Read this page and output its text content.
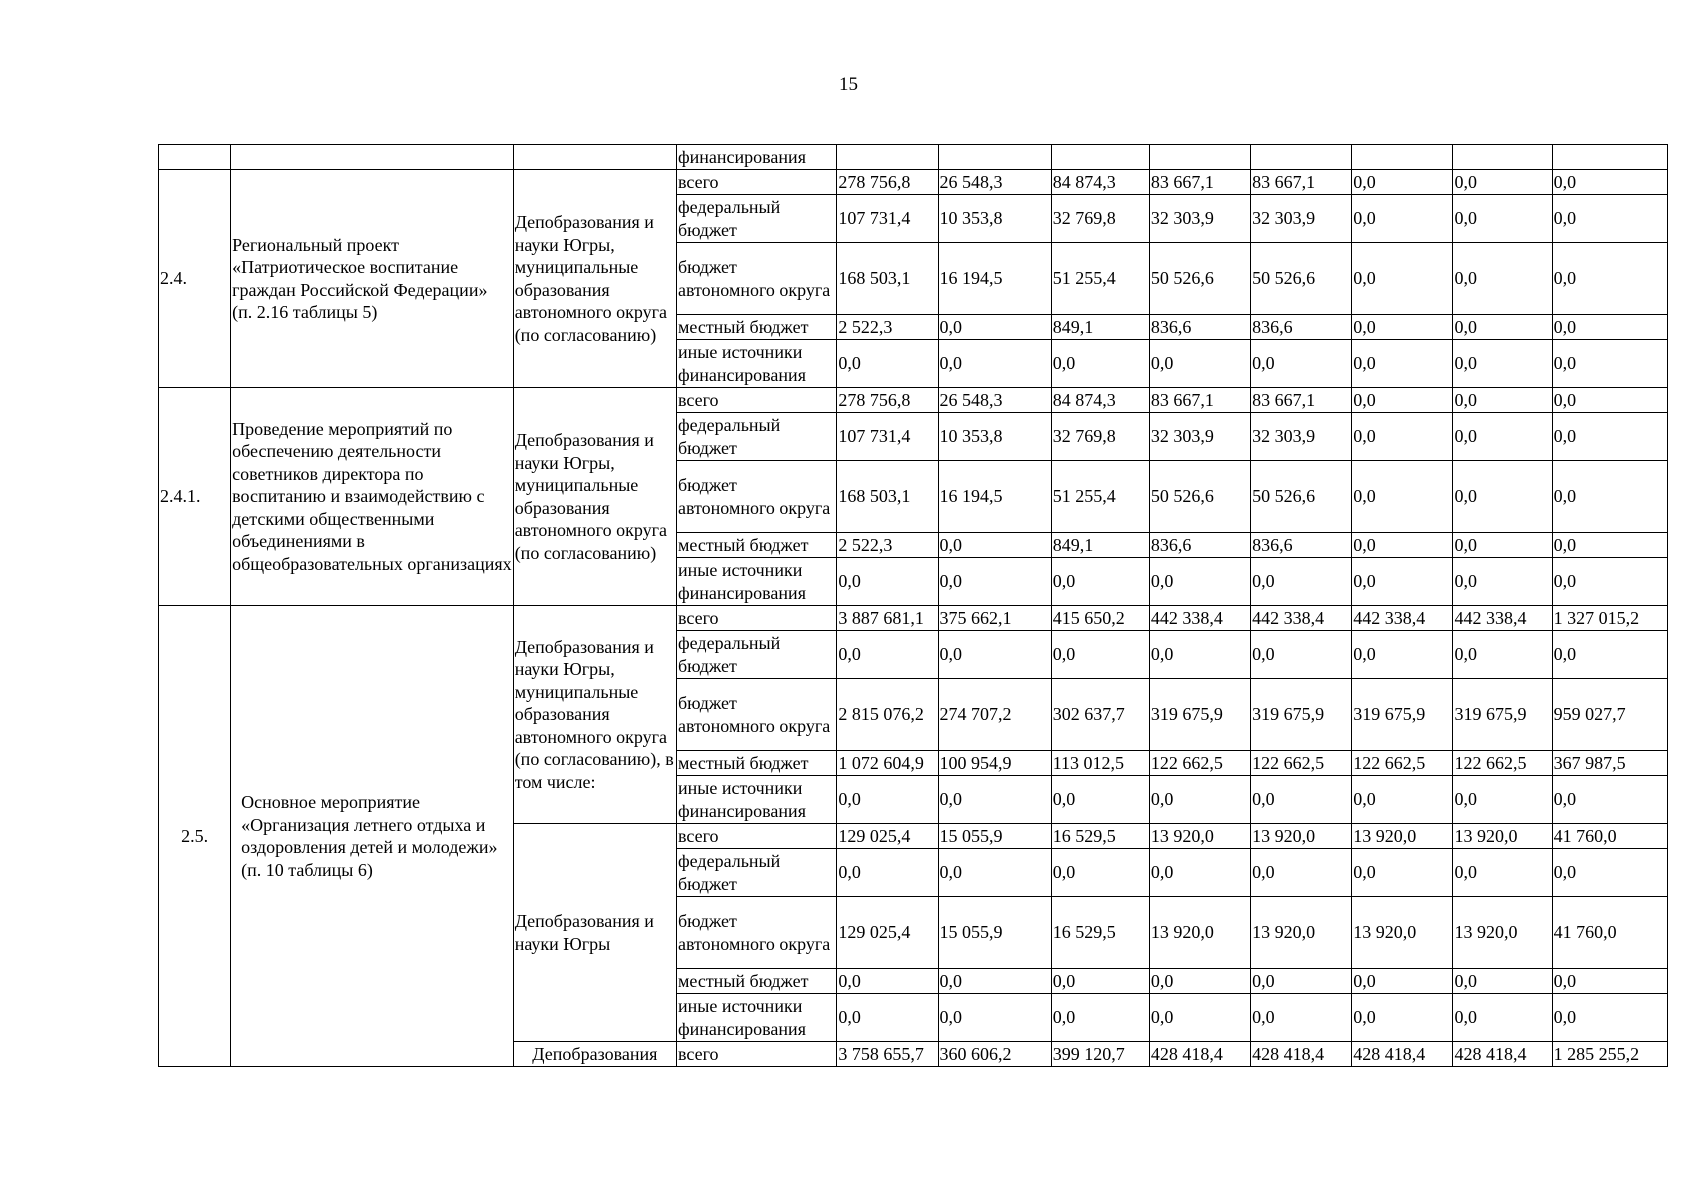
15
			финансирования								
2.4.	Региональный проект «Патриотическое воспитание граждан Российской Федерации» (п. 2.16 таблицы 5)	Депобразования и науки Югры, муниципальные образования автономного округа (по согласованию)	всего	278 756,8	26 548,3	84 874,3	83 667,1	83 667,1	0,0	0,0	0,0
			федеральный бюджет	107 731,4	10 353,8	32 769,8	32 303,9	32 303,9	0,0	0,0	0,0
			бюджет автономного округа	168 503,1	16 194,5	51 255,4	50 526,6	50 526,6	0,0	0,0	0,0
			местный бюджет	2 522,3	0,0	849,1	836,6	836,6	0,0	0,0	0,0
			иные источники финансирования	0,0	0,0	0,0	0,0	0,0	0,0	0,0	0,0
2.4.1.	Проведение мероприятий по обеспечению деятельности советников директора по воспитанию и взаимодействию с детскими общественными объединениями в общеобразовательных организациях	Депобразования и науки Югры, муниципальные образования автономного округа (по согласованию)	всего	278 756,8	26 548,3	84 874,3	83 667,1	83 667,1	0,0	0,0	0,0
			федеральный бюджет	107 731,4	10 353,8	32 769,8	32 303,9	32 303,9	0,0	0,0	0,0
			бюджет автономного округа	168 503,1	16 194,5	51 255,4	50 526,6	50 526,6	0,0	0,0	0,0
			местный бюджет	2 522,3	0,0	849,1	836,6	836,6	0,0	0,0	0,0
			иные источники финансирования	0,0	0,0	0,0	0,0	0,0	0,0	0,0	0,0
2.5.	Основное мероприятие «Организация летнего отдыха и оздоровления детей и молодежи» (п. 10 таблицы 6)	Депобразования и науки Югры, муниципальные образования автономного округа (по согласованию), в том числе:	всего	3 887 681,1	375 662,1	415 650,2	442 338,4	442 338,4	442 338,4	442 338,4	1 327 015,2
			федеральный бюджет	0,0	0,0	0,0	0,0	0,0	0,0	0,0	0,0
			бюджет автономного округа	2 815 076,2	274 707,2	302 637,7	319 675,9	319 675,9	319 675,9	319 675,9	959 027,7
			местный бюджет	1 072 604,9	100 954,9	113 012,5	122 662,5	122 662,5	122 662,5	122 662,5	367 987,5
			иные источники финансирования	0,0	0,0	0,0	0,0	0,0	0,0	0,0	0,0
		Депобразования и науки Югры	всего	129 025,4	15 055,9	16 529,5	13 920,0	13 920,0	13 920,0	13 920,0	41 760,0
			федеральный бюджет	0,0	0,0	0,0	0,0	0,0	0,0	0,0	0,0
			бюджет автономного округа	129 025,4	15 055,9	16 529,5	13 920,0	13 920,0	13 920,0	13 920,0	41 760,0
			местный бюджет	0,0	0,0	0,0	0,0	0,0	0,0	0,0	0,0
			иные источники финансирования	0,0	0,0	0,0	0,0	0,0	0,0	0,0	0,0
		Депобразования	всего	3 758 655,7	360 606,2	399 120,7	428 418,4	428 418,4	428 418,4	428 418,4	1 285 255,2
